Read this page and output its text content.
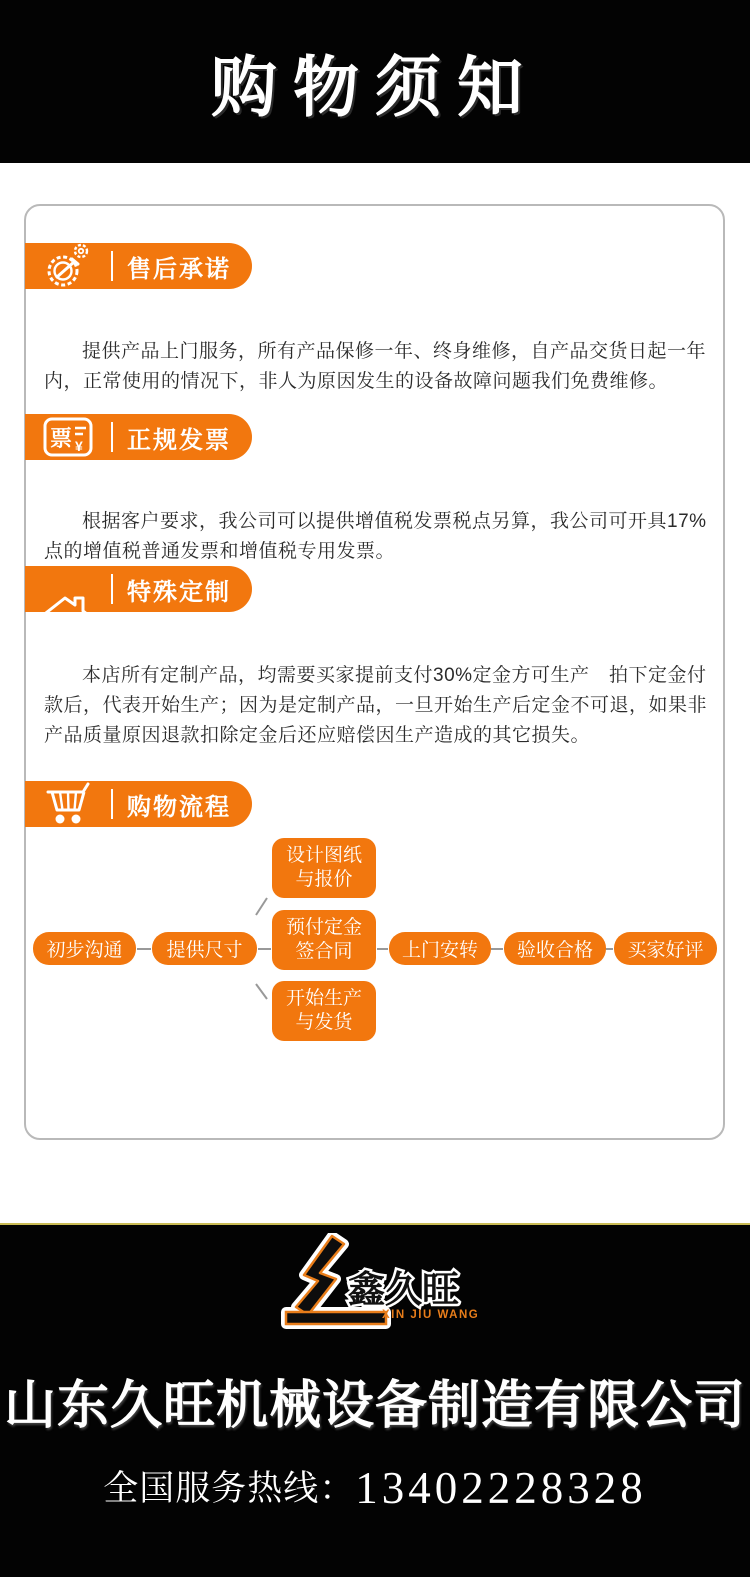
购物须知
售后承诺

提供产品上门服务，所有产品保修一年、终身维修，自产品交货日起一年内，正常使用的情况下，非人为原因发生的设备故障问题我们免费维修。

票 ¥ 正规发票

根据客户要求，我公司可以提供增值税发票税点另算，我公司可开具17%点的增值税普通发票和增值税专用发票。

特殊定制

本店所有定制产品，均需要买家提前支付30%定金方可生产　拍下定金付款后，代表开始生产；因为是定制产品，一旦开始生产后定金不可退，如果非产品质量原因退款扣除定金后还应赔偿因生产造成的其它损失。

购物流程
初步沟通 提供尺寸
设计图纸
与报价
预付定金
签合同
开始生产
与发货
上门安转 验收合格 买家好评
鑫久旺
XIN JIU WANG
山东久旺机械设备制造有限公司
全国服务热线：13402228328
